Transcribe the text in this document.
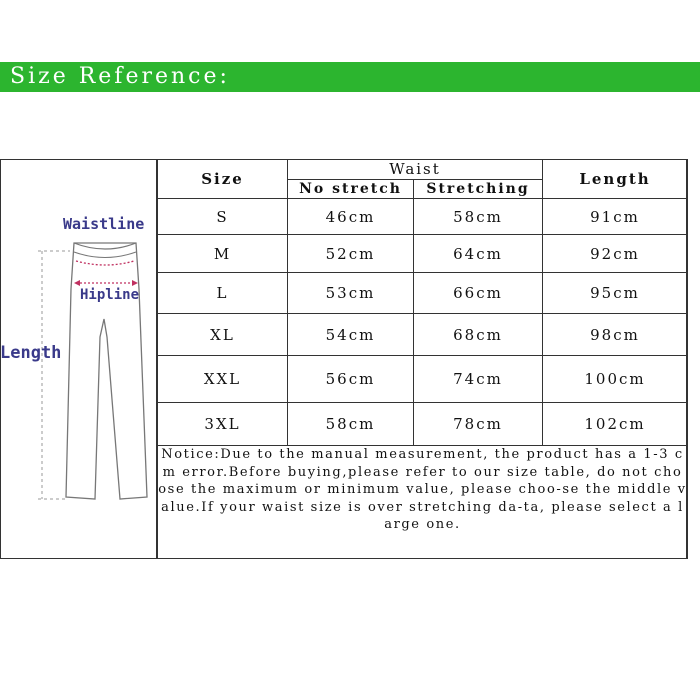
Size Reference:
Waistline
Hipline
Length
Size	Waist		Length
	No stretch	Stretching	
S	46cm	58cm	91cm
M	52cm	64cm	92cm
L	53cm	66cm	95cm
XL	54cm	68cm	98cm
XXL	56cm	74cm	100cm
3XL	58cm	78cm	102cm
Notice:Due to the manual measurement, the product has a 1-3 cm error.Before buying,please refer to our size table, do not choose the maximum or minimum value, please choo-se the middle value.If your waist size is over stretching da-ta, please select a large one.			
